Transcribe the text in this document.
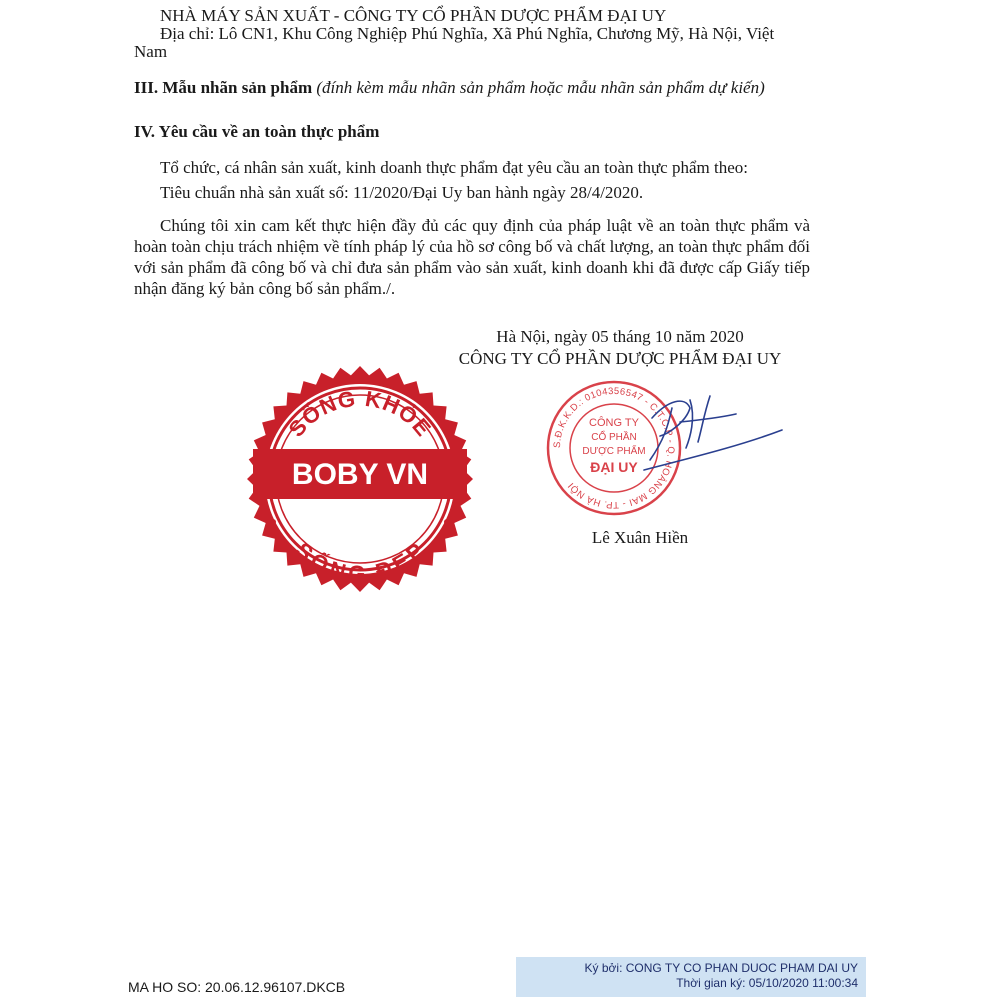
NHÀ MÁY SẢN XUẤT - CÔNG TY CỔ PHẦN DƯỢC PHẨM ĐẠI UY
Địa chỉ: Lô CN1, Khu Công Nghiệp Phú Nghĩa, Xã Phú Nghĩa, Chương Mỹ, Hà Nội, Việt
Nam
III. Mẫu nhãn sản phẩm (đính kèm mẫu nhãn sản phẩm hoặc mẫu nhãn sản phẩm dự kiến)
IV. Yêu cầu về an toàn thực phẩm
Tổ chức, cá nhân sản xuất, kinh doanh thực phẩm đạt yêu cầu an toàn thực phẩm theo:
Tiêu chuẩn nhà sản xuất số: 11/2020/Đại Uy ban hành ngày 28/4/2020.
Chúng tôi xin cam kết thực hiện đầy đủ các quy định của pháp luật về an toàn thực phẩm và hoàn toàn chịu trách nhiệm về tính pháp lý của hồ sơ công bố và chất lượng, an toàn thực phẩm đối với sản phẩm đã công bố và chỉ đưa sản phẩm vào sản xuất, kinh doanh khi đã được cấp Giấy tiếp nhận đăng ký bản công bố sản phẩm./.
Hà Nội, ngày 05 tháng 10 năm 2020
CÔNG TY CỔ PHẦN DƯỢC PHẨM ĐẠI UY
SỐNG KHỎE
SỐNG ĐẸP
BOBY VN
S.Đ.K.K.D.: 0104356547 - C.T.C.P - Q. HOÀNG MAI - TP. HÀ NỘI
CÔNG TY
CỔ PHẦN
DƯỢC PHẨM
ĐẠI UY
Lê Xuân Hiền
MA HO SO: 20.06.12.96107.DKCB
Ký bởi: CONG TY CO PHAN DUOC PHAM DAI UY
Thời gian ký: 05/10/2020 11:00:34
